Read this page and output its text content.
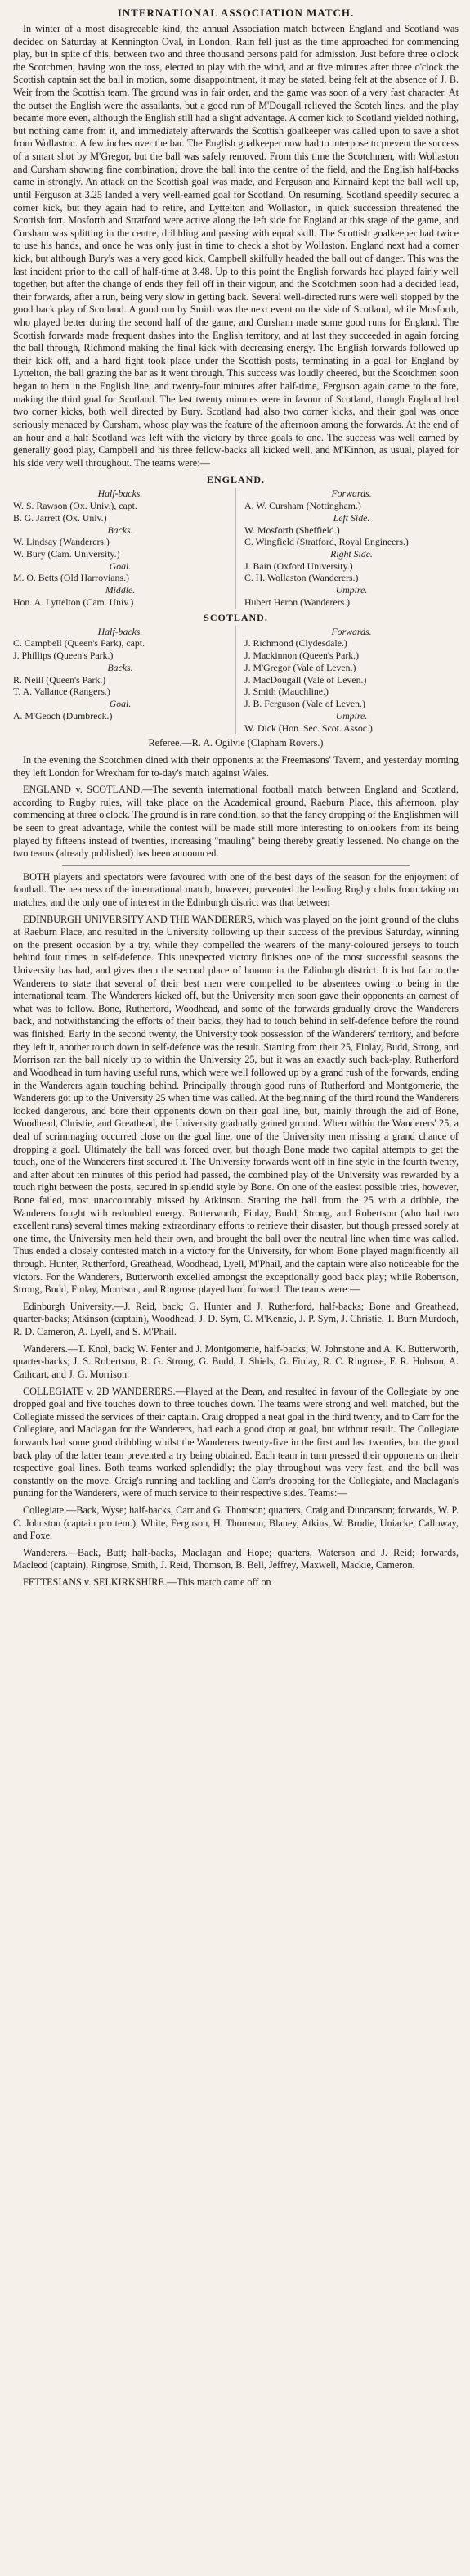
INTERNATIONAL ASSOCIATION MATCH.

In winter of a most disagreeable kind, the annual Association match between England and Scotland was decided on Saturday at Kennington Oval, in London. Rain fell just as the time approached for commencing play, but in spite of this, between two and three thousand persons paid for admission. Just before three o'clock the Scotchmen, having won the toss, elected to play with the wind, and at five minutes after three o'clock the Scottish captain set the ball in motion, some disappointment, it may be stated, being felt at the absence of J. B. Weir from the Scottish team. The ground was in fair order, and the game was soon of a very fast character. At the outset the English were the assailants, but a good run of M'Dougall relieved the Scotch lines, and the play became more even, although the English still had a slight advantage. A corner kick to Scotland yielded nothing, but nothing came from it, and immediately afterwards the Scottish goalkeeper was called upon to save a shot from Wollaston. A few inches over the bar. The English goalkeeper now had to interpose to prevent the success of a smart shot by M'Gregor, but the ball was safely removed. From this time the Scotchmen, with Wollaston and Cursham showing fine combination, drove the ball into the centre of the field, and the English half-backs came in strongly. An attack on the Scottish goal was made, and Ferguson and Kinnaird kept the ball well up, until Ferguson at 3.25 landed a very well-earned goal for Scotland. On resuming, Scotland speedily secured a corner kick, but they again had to retire, and Lyttelton and Wollaston, in quick succession threatened the Scottish fort. Mosforth and Stratford were active along the left side for England at this stage of the game, and Cursham was splitting in the centre, dribbling and passing with equal skill. The Scottish goalkeeper had twice to use his hands, and once he was only just in time to check a shot by Wollaston. England next had a corner kick, but although Bury's was a very good kick, Campbell skilfully headed the ball out of danger. This was the last incident prior to the call of half-time at 3.48. Up to this point the English forwards had played fairly well together, but after the change of ends they fell off in their vigour, and the Scotchmen soon had a decided lead, their forwards, after a run, being very slow in getting back. Several well-directed runs were well stopped by the good back play of Scotland. A good run by Smith was the next event on the side of Scotland, while Mosforth, who played better during the second half of the game, and Cursham made some good runs for England. The Scottish forwards made frequent dashes into the English territory, and at last they succeeded in again forcing the ball through, Richmond making the final kick with decreasing energy. The English forwards followed up their kick off, and a hard fight took place under the Scottish posts, terminating in a goal for England by Lyttelton, the ball grazing the bar as it went through. This success was loudly cheered, but the Scotchmen soon began to hem in the English line, and twenty-four minutes after half-time, Ferguson again came to the fore, making the third goal for Scotland. The last twenty minutes were in favour of Scotland, though England had two corner kicks, both well directed by Bury. Scotland had also two corner kicks, and their goal was once seriously menaced by Cursham, whose play was the feature of the afternoon among the forwards. At the end of an hour and a half Scotland was left with the victory by three goals to one. The success was well earned by generally good play, Campbell and his three fellow-backs all kicked well, and M'Kinnon, as usual, played for his side very well throughout. The teams were:—

ENGLAND.
Half-backs.
W. S. Rawson (Ox. Univ.), capt.
B. G. Jarrett (Ox. Univ.)
Backs.
W. Lindsay (Wanderers.)
W. Bury (Cam. University.)
Goal.
M. O. Betts (Old Harrovians.)
Middle.
Hon. A. Lyttelton (Cam. Univ.)
Forwards.
A. W. Cursham (Nottingham.)
Left Side.
W. Mosforth (Sheffield.)
C. Wingfield (Stratford, Royal Engineers.)
Right Side.
J. Bain (Oxford University.)
C. H. Wollaston (Wanderers.)
Umpire.
Hubert Heron (Wanderers.)
SCOTLAND.
Half-backs.
C. Campbell (Queen's Park), capt.
J. Phillips (Queen's Park.)
Backs.
R. Neill (Queen's Park.)
T. A. Vallance (Rangers.)
Goal.
A. M'Geoch (Dumbreck.)
Forwards.
J. Richmond (Clydesdale.)
J. Mackinnon (Queen's Park.)
J. M'Gregor (Vale of Leven.)
J. MacDougall (Vale of Leven.)
J. Smith (Mauchline.)
J. B. Ferguson (Vale of Leven.)
Umpire.
W. Dick (Hon. Sec. Scot. Assoc.)
Referee.—R. A. Ogilvie (Clapham Rovers.)

In the evening the Scotchmen dined with their opponents at the Freemasons' Tavern, and yesterday morning they left London for Wrexham for to-day's match against Wales.

ENGLAND v. SCOTLAND.—The seventh international football match between England and Scotland, according to Rugby rules, will take place on the Academical ground, Raeburn Place, this afternoon, play commencing at three o'clock. The ground is in rare condition, so that the fancy dropping of the Englishmen will be seen to great advantage, while the contest will be made still more interesting to onlookers from its being played by fifteens instead of twenties, increasing "mauling" being thereby greatly lessened. No change on the two teams (already published) has been announced.

BOTH players and spectators were favoured with one of the best days of the season for the enjoyment of football. The nearness of the international match, however, prevented the leading Rugby clubs from taking on matches, and the only one of interest in the Edinburgh district was that between

EDINBURGH UNIVERSITY AND THE WANDERERS, which was played on the joint ground of the clubs at Raeburn Place, and resulted in the University following up their success of the previous Saturday, winning on the present occasion by a try, while they compelled the wearers of the many-coloured jerseys to touch behind four times in self-defence. This unexpected victory finishes one of the most successful seasons the University has had, and gives them the second place of honour in the Edinburgh district. It is but fair to the Wanderers to state that several of their best men were compelled to be absentees owing to being in the international team. The Wanderers kicked off, but the University men soon gave their opponents an earnest of what was to follow. Bone, Rutherford, Woodhead, and some of the forwards gradually drove the Wanderers back, and notwithstanding the efforts of their backs, they had to touch behind in self-defence before the round was finished. Early in the second twenty, the University took possession of the Wanderers' territory, and before they left it, another touch down in self-defence was the result. Starting from their 25, Finlay, Budd, Strong, and Morrison ran the ball nicely up to within the University 25, but it was an exactly such back-play, Rutherford and Woodhead in turn having useful runs, which were well followed up by a grand rush of the forwards, ending in the Wanderers again touching behind. Principally through good runs of Rutherford and Montgomerie, the Wanderers got up to the University 25 when time was called. At the beginning of the third round the Wanderers looked dangerous, and bore their opponents down on their goal line, but, mainly through the aid of Bone, Woodhead, Christie, and Greathead, the University gradually gained ground. When within the Wanderers' 25, a deal of scrimmaging occurred close on the goal line, one of the University men missing a grand chance of dropping a goal. Ultimately the ball was forced over, but though Bone made two capital attempts to get the touch, one of the Wanderers first secured it. The University forwards went off in fine style in the fourth twenty, and after about ten minutes of this period had passed, the combined play of the University was rewarded by a touch right between the posts, secured in splendid style by Bone. On one of the easiest possible tries, however, Bone failed, most unaccountably missed by Atkinson. Starting the ball from the 25 with a dribble, the Wanderers fought with redoubled energy. Butterworth, Finlay, Budd, Strong, and Robertson (who had two excellent runs) several times making extraordinary efforts to retrieve their disaster, but though pressed sorely at one time, the University men held their own, and brought the ball over the neutral line when time was called. Thus ended a closely contested match in a victory for the University, for whom Bone played magnificently all through. Hunter, Rutherford, Greathead, Woodhead, Lyell, M'Phail, and the captain were also noticeable for the victors. For the Wanderers, Butterworth excelled amongst the exceptionally good back play; while Robertson, Strong, Budd, Finlay, Morrison, and Ringrose played hard forward. The teams were:—

Edinburgh University.—J. Reid, back; G. Hunter and J. Rutherford, half-backs; Bone and Greathead, quarter-backs; Atkinson (captain), Woodhead, J. D. Sym, C. M'Kenzie, J. P. Sym, J. Christie, T. Burn Murdoch, R. D. Cameron, A. Lyell, and S. M'Phail.

Wanderers.—T. Knol, back; W. Fenter and J. Montgomerie, half-backs; W. Johnstone and A. K. Butterworth, quarter-backs; J. S. Robertson, R. G. Strong, G. Budd, J. Shiels, G. Finlay, R. C. Ringrose, F. R. Hobson, A. Cathcart, and J. G. Morrison.

COLLEGIATE v. 2D WANDERERS.—Played at the Dean, and resulted in favour of the Collegiate by one dropped goal and five touches down to three touches down. The teams were strong and well matched, but the Collegiate missed the services of their captain. Craig dropped a neat goal in the third twenty, and to Carr for the Collegiate, and Maclagan for the Wanderers, had each a good drop at goal, but without result. The Collegiate forwards had some good dribbling whilst the Wanderers twenty-five in the first and last twenties, but the good back play of the latter team prevented a try being obtained. Each team in turn pressed their opponents on their respective goal lines. Both teams worked splendidly; the play throughout was very fast, and the ball was constantly on the move. Craig's running and tackling and Carr's dropping for the Collegiate, and Maclagan's punting for the Wanderers, were of much service to their respective sides. Teams:—

Collegiate.—Back, Wyse; half-backs, Carr and G. Thomson; quarters, Craig and Duncanson; forwards, W. P. C. Johnston (captain pro tem.), White, Ferguson, H. Thomson, Blaney, Atkins, W. Brodie, Uniacke, Calloway, and Foxe.

Wanderers.—Back, Butt; half-backs, Maclagan and Hope; quarters, Waterson and J. Reid; forwards, Macleod (captain), Ringrose, Smith, J. Reid, Thomson, B. Bell, Jeffrey, Maxwell, Mackie, Cameron.

FETTESIANS v. SELKIRKSHIRE.—This match came off on
